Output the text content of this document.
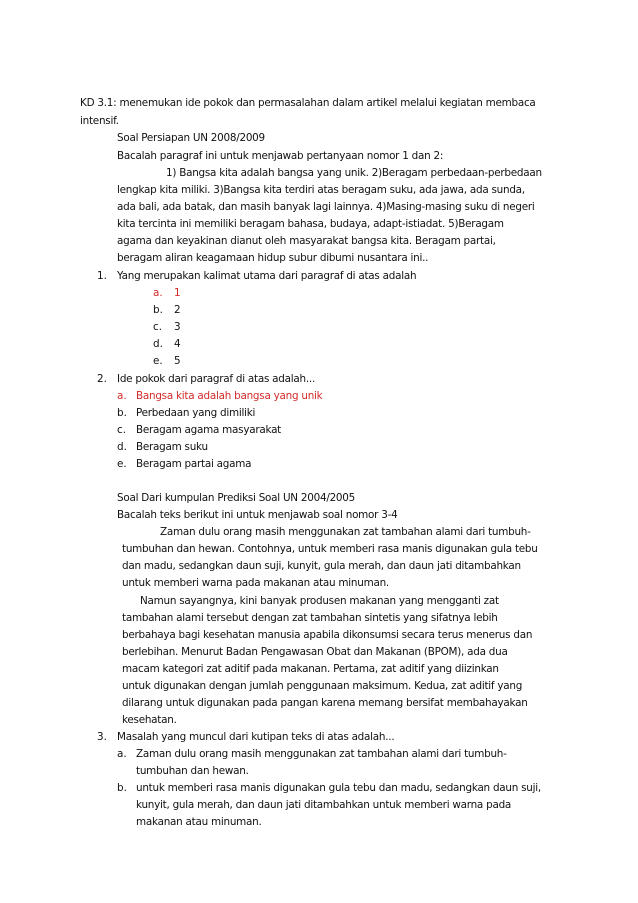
KD 3.1: menemukan ide pokok dan permasalahan dalam artikel melalui kegiatan membaca
intensif.
Soal Persiapan UN 2008/2009
Bacalah paragraf ini untuk menjawab pertanyaan nomor 1 dan 2:
1) Bangsa kita adalah bangsa yang unik. 2)Beragam perbedaan-perbedaan
lengkap kita miliki. 3)Bangsa kita terdiri atas beragam suku, ada jawa, ada sunda,
ada bali, ada batak, dan masih banyak lagi lainnya. 4)Masing-masing suku di negeri
kita tercinta ini memiliki beragam bahasa, budaya, adapt-istiadat. 5)Beragam
agama dan keyakinan dianut oleh masyarakat bangsa kita. Beragam partai,
beragam aliran keagamaan hidup subur dibumi nusantara ini..
1. Yang merupakan kalimat utama dari paragraf di atas adalah
a. 1
b. 2
c. 3
d. 4
e. 5
2. Ide pokok dari paragraf di atas adalah...
a. Bangsa kita adalah bangsa yang unik
b. Perbedaan yang dimiliki
c. Beragam agama masyarakat
d. Beragam suku
e. Beragam partai agama
Soal Dari kumpulan Prediksi Soal UN 2004/2005
Bacalah teks berikut ini untuk menjawab soal nomor 3-4
Zaman dulu orang masih menggunakan zat tambahan alami dari tumbuh-
tumbuhan dan hewan. Contohnya, untuk memberi rasa manis digunakan gula tebu
dan madu, sedangkan daun suji, kunyit, gula merah, dan daun jati ditambahkan
untuk memberi warna pada makanan atau minuman.
Namun sayangnya, kini banyak produsen makanan yang mengganti zat
tambahan alami tersebut dengan zat tambahan sintetis yang sifatnya lebih
berbahaya bagi kesehatan manusia apabila dikonsumsi secara terus menerus dan
berlebihan. Menurut Badan Pengawasan Obat dan Makanan (BPOM), ada dua
macam kategori zat aditif pada makanan. Pertama, zat aditif yang diizinkan
untuk digunakan dengan jumlah penggunaan maksimum. Kedua, zat aditif yang
dilarang untuk digunakan pada pangan karena memang bersifat membahayakan
kesehatan.
3. Masalah yang muncul dari kutipan teks di atas adalah...
a. Zaman dulu orang masih menggunakan zat tambahan alami dari tumbuh-
tumbuhan dan hewan.
b. untuk memberi rasa manis digunakan gula tebu dan madu, sedangkan daun suji,
kunyit, gula merah, dan daun jati ditambahkan untuk memberi warna pada
makanan atau minuman.
